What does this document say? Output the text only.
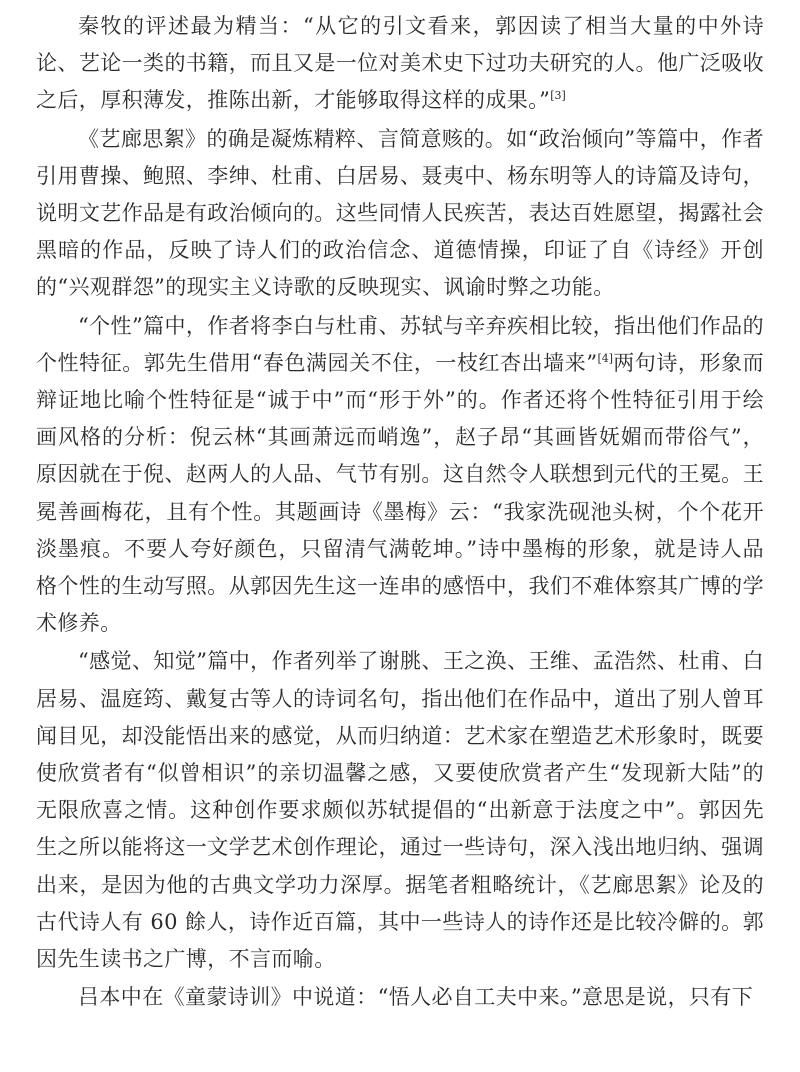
秦牧的评述最为精当：“从它的引文看来，郭因读了相当大量的中外诗论、艺论一类的书籍，而且又是一位对美术史下过功夫研究的人。他广泛吸收之后，厚积薄发，推陈出新，才能够取得这样的成果。”[3]

《艺廊思絮》的确是凝炼精粹、言简意赅的。如“政治倾向”等篇中，作者引用曹操、鲍照、李绅、杜甫、白居易、聂夷中、杨东明等人的诗篇及诗句，说明文艺作品是有政治倾向的。这些同情人民疾苦，表达百姓愿望，揭露社会黑暗的作品，反映了诗人们的政治信念、道德情操，印证了自《诗经》开创的“兴观群怨”的现实主义诗歌的反映现实、讽谕时弊之功能。

“个性”篇中，作者将李白与杜甫、苏轼与辛弃疾相比较，指出他们作品的个性特征。郭先生借用“春色满园关不住，一枝红杏出墙来”[4]两句诗，形象而辩证地比喻个性特征是“诚于中”而“形于外”的。作者还将个性特征引用于绘画风格的分析：倪云林“其画萧远而峭逸”，赵子昂“其画皆妩媚而带俗气”，原因就在于倪、赵两人的人品、气节有别。这自然令人联想到元代的王冕。王冕善画梅花，且有个性。其题画诗《墨梅》云：“我家洗砚池头树，个个花开淡墨痕。不要人夸好颜色，只留清气满乾坤。”诗中墨梅的形象，就是诗人品格个性的生动写照。从郭因先生这一连串的感悟中，我们不难体察其广博的学术修养。

“感觉、知觉”篇中，作者列举了谢朓、王之涣、王维、孟浩然、杜甫、白居易、温庭筠、戴复古等人的诗词名句，指出他们在作品中，道出了别人曾耳闻目见，却没能悟出来的感觉，从而归纳道：艺术家在塑造艺术形象时，既要使欣赏者有“似曾相识”的亲切温馨之感，又要使欣赏者产生“发现新大陆”的无限欣喜之情。这种创作要求颇似苏轼提倡的“出新意于法度之中”。郭因先生之所以能将这一文学艺术创作理论，通过一些诗句，深入浅出地归纳、强调出来，是因为他的古典文学功力深厚。据笔者粗略统计，《艺廊思絮》论及的古代诗人有 60 餘人，诗作近百篇，其中一些诗人的诗作还是比较冷僻的。郭因先生读书之广博，不言而喻。

吕本中在《童蒙诗训》中说道：“悟人必自工夫中来。”意思是说，只有下
